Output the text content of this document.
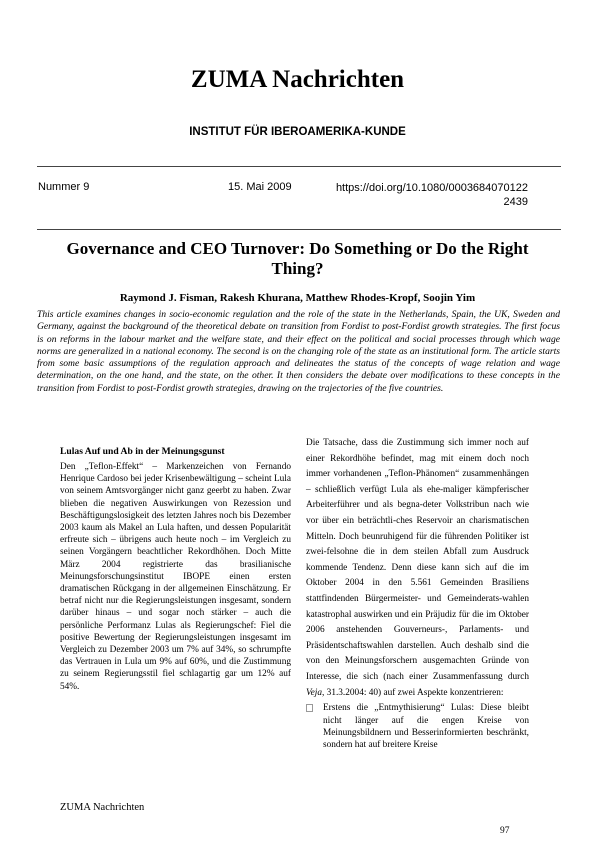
ZUMA Nachrichten
INSTITUT FÜR IBEROAMERIKA-KUNDE
Nummer 9	15. Mai 2009	https://doi.org/10.1080/0003684070122 2439
Governance and CEO Turnover: Do Something or Do the Right Thing?
Raymond J. Fisman, Rakesh Khurana, Matthew Rhodes-Kropf, Soojin Yim
This article examines changes in socio-economic regulation and the role of the state in the Netherlands, Spain, the UK, Sweden and Germany, against the background of the theoretical debate on transition from Fordist to post-Fordist growth strategies. The first focus is on reforms in the labour market and the welfare state, and their effect on the political and social processes through which wage norms are generalized in a national economy. The second is on the changing role of the state as an institutional form. The article starts from some basic assumptions of the regulation approach and delineates the status of the concepts of wage relation and wage determination, on the one hand, and the state, on the other. It then considers the debate over modifications to these concepts in the transition from Fordist to post-Fordist growth strategies, drawing on the trajectories of the five countries.
Lulas Auf und Ab in der Meinungsgunst
Den „Teflon-Effekt“ – Markenzeichen von Fernando Henrique Cardoso bei jeder Krisenbewältigung – scheint Lula von seinem Amtsvorgänger nicht ganz geerbt zu haben. Zwar blieben die negativen Auswirkungen von Rezession und Beschäftigungslosigkeit des letzten Jahres noch bis Dezember 2003 kaum als Makel an Lula haften, und dessen Popularität erfreute sich – übrigens auch heute noch – im Vergleich zu seinen Vorgängern beachtlicher Rekordhöhen. Doch Mitte März 2004 registrierte das brasilianische Meinungsforschungsinstitut IBOPE einen ersten dramatischen Rückgang in der allgemeinen Einschätzung. Er betraf nicht nur die Regierungsleistungen insgesamt, sondern darüber hinaus – und sogar noch stärker – auch die persönliche Performanz Lulas als Regierungschef: Fiel die positive Bewertung der Regierungsleistungen insgesamt im Vergleich zu Dezember 2003 um 7% auf 34%, so schrumpfte das Vertrauen in Lula um 9% auf 60%, und die Zustimmung zu seinem Regierungsstil fiel schlagartig gar um 12% auf 54%.

Die Tatsache, dass die Zustimmung sich immer noch auf einer Rekordhöhe befindet, mag mit einem doch noch immer vorhandenen „Teflon-Phänomen“ zusammenhängen – schließlich verfügt Lula als ehe-maliger kämpferischer Arbeiterführer und als begna-deter Volkstribun nach wie vor über ein beträchtli-ches Reservoir an charismatischen Mitteln. Doch beunruhigend für die führenden Politiker ist zwei-felsohne die in dem steilen Abfall zum Ausdruck kommende Tendenz. Denn diese kann sich auf die im Oktober 2004 in den 5.561 Gemeinden Brasiliens stattfindenden Bürgermeister- und Gemeinderats-wahlen katastrophal auswirken und ein Präjudiz für die im Oktober 2006 anstehenden Gouverneurs-, Parlaments- und Präsidentschaftswahlen darstellen. Auch deshalb sind die von den Meinungsforschern ausgemachten Gründe von Interesse, die sich (nach einer Zusammenfassung durch Veja, 31.3.2004: 40) auf zwei Aspekte konzentrieren:

Erstens die „Entmythisierung“ Lulas: Diese bleibt nicht länger auf die engen Kreise von Meinungsbildnern und Besserinformierten beschränkt, sondern hat auf breitere Kreise
ZUMA Nachrichten
97
